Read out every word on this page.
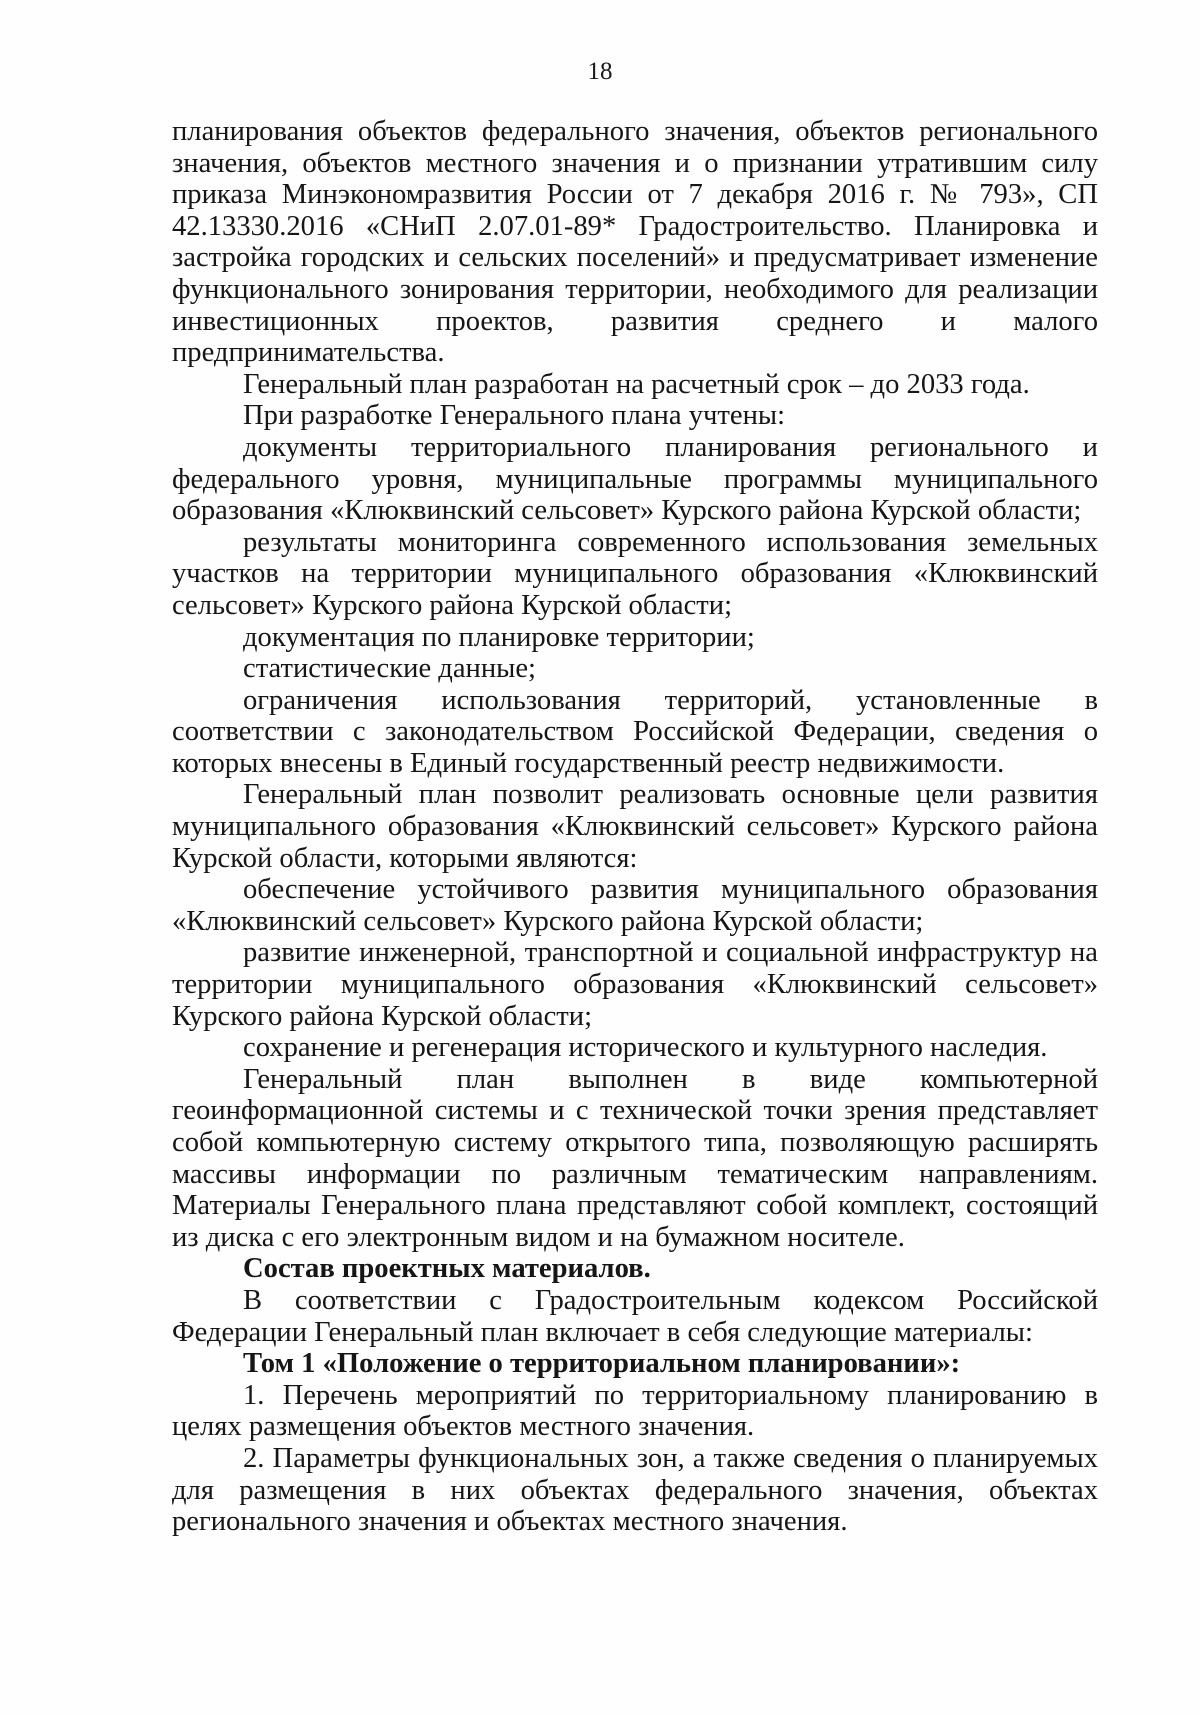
18

планирования объектов федерального значения, объектов регионального значения, объектов местного значения и о признании утратившим силу приказа Минэкономразвития России от 7 декабря 2016 г. № 793», СП 42.13330.2016 «СНиП 2.07.01-89* Градостроительство. Планировка и застройка городских и сельских поселений» и предусматривает изменение функционального зонирования территории, необходимого для реализации инвестиционных проектов, развития среднего и малого предпринимательства.

Генеральный план разработан на расчетный срок – до 2033 года.

При разработке Генерального плана учтены:

документы территориального планирования регионального и федерального уровня, муниципальные программы муниципального образования «Клюквинский сельсовет» Курского района Курской области;

результаты мониторинга современного использования земельных участков на территории муниципального образования «Клюквинский сельсовет» Курского района Курской области;

документация по планировке территории;

статистические данные;

ограничения использования территорий, установленные в соответствии с законодательством Российской Федерации, сведения о которых внесены в Единый государственный реестр недвижимости.

Генеральный план позволит реализовать основные цели развития муниципального образования «Клюквинский сельсовет» Курского района Курской области, которыми являются:

обеспечение устойчивого развития муниципального образования «Клюквинский сельсовет» Курского района Курской области;

развитие инженерной, транспортной и социальной инфраструктур на территории муниципального образования «Клюквинский сельсовет» Курского района Курской области;

сохранение и регенерация исторического и культурного наследия.

Генеральный план выполнен в виде компьютерной геоинформационной системы и с технической точки зрения представляет собой компьютерную систему открытого типа, позволяющую расширять массивы информации по различным тематическим направлениям. Материалы Генерального плана представляют собой комплект, состоящий из диска с его электронным видом и на бумажном носителе.

Состав проектных материалов.

В соответствии с Градостроительным кодексом Российской Федерации Генеральный план включает в себя следующие материалы:

Том 1 «Положение о территориальном планировании»:

1. Перечень мероприятий по территориальному планированию в целях размещения объектов местного значения.

2. Параметры функциональных зон, а также сведения о планируемых для размещения в них объектах федерального значения, объектах регионального значения и объектах местного значения.
